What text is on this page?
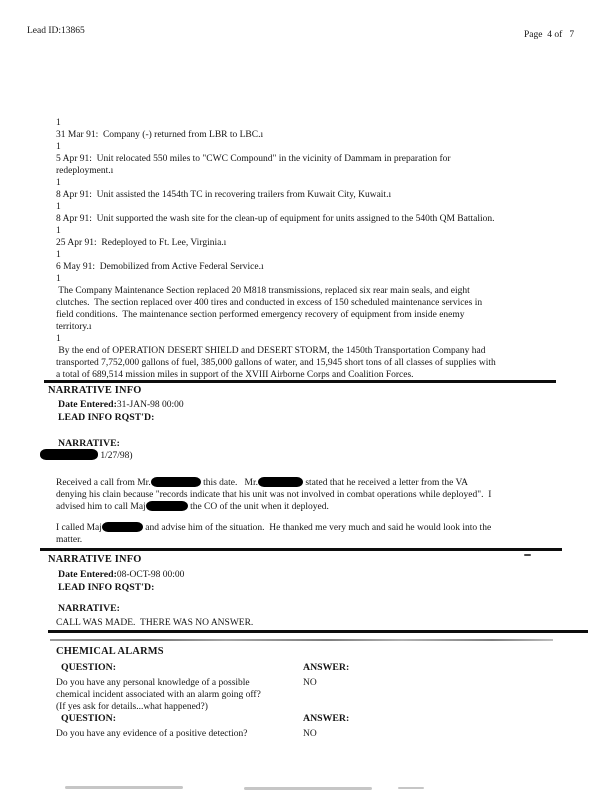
Lead ID:13865	Page  4 of   7
1
31 Mar 91:  Company (-) returned from LBR to LBC.ı
1
5 Apr 91:  Unit relocated 550 miles to "CWC Compound" in the vicinity of Dammam in preparation for
redeployment.ı
1
8 Apr 91:  Unit assisted the 1454th TC in recovering trailers from Kuwait City, Kuwait.ı
1
8 Apr 91:  Unit supported the wash site for the clean-up of equipment for units assigned to the 540th QM Battalion.
1
25 Apr 91:  Redeployed to Ft. Lee, Virginia.ı
1
6 May 91:  Demobilized from Active Federal Service.ı
1
The Company Maintenance Section replaced 20 M818 transmissions, replaced six rear main seals, and eight
clutches.  The section replaced over 400 tires and conducted in excess of 150 scheduled maintenance services in
field conditions.  The maintenance section performed emergency recovery of equipment from inside enemy
territory.ı
1
By the end of OPERATION DESERT SHIELD and DESERT STORM, the 1450th Transportation Company had
transported 7,752,000 gallons of fuel, 385,000 gallons of water, and 15,945 short tons of all classes of supplies with
a total of 689,514 mission miles in support of the XVIII Airborne Corps and Coalition Forces.
NARRATIVE INFO
Date Entered:31-JAN-98 00:00
LEAD INFO RQST'D:
NARRATIVE:
1/27/98)
Received a call from Mr.	this date.   Mr.	stated that he received a letter from the VA
denying his clain because "records indicate that his unit was not involved in combat operations while deployed".  I
advised him to call Maj	the CO of the unit when it deployed.
I called Maj	and advise him of the situation.  He thanked me very much and said he would look into the
matter.
NARRATIVE INFO
Date Entered:08-OCT-98 00:00
LEAD INFO RQST'D:
NARRATIVE:
CALL WAS MADE.  THERE WAS NO ANSWER.
CHEMICAL ALARMS
QUESTION:	ANSWER:
Do you have any personal knowledge of a possible	NO
chemical incident associated with an alarm going off?
(If yes ask for details...what happened?)
QUESTION:	ANSWER:
Do you have any evidence of a positive detection?	NO
